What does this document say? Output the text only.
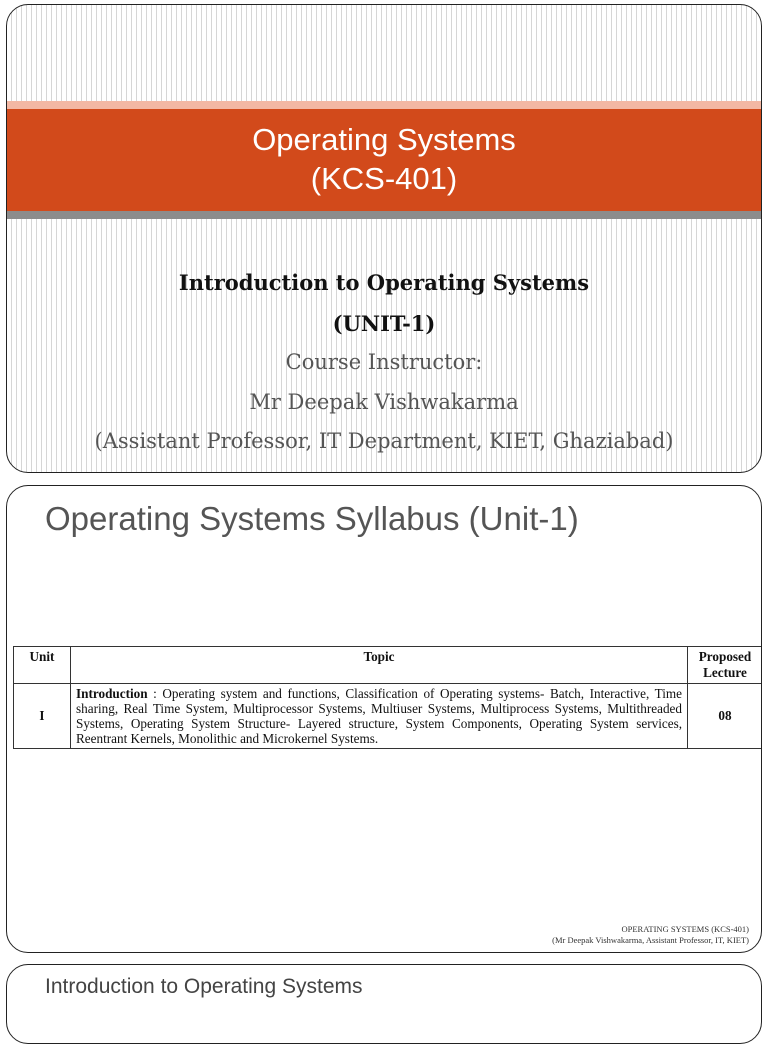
Operating Systems
(KCS-401)
Introduction to Operating Systems
(UNIT-1)
Course Instructor:
Mr Deepak Vishwakarma
(Assistant Professor, IT Department, KIET, Ghaziabad)
Operating Systems Syllabus (Unit-1)
Unit	Topic	Proposed Lecture
I	Introduction : Operating system and functions, Classification of Operating systems- Batch, Interactive, Time sharing, Real Time System, Multiprocessor Systems, Multiuser Systems, Multiprocess Systems, Multithreaded Systems, Operating System Structure- Layered structure, System Components, Operating System services, Reentrant Kernels, Monolithic and Microkernel Systems.	08
OPERATING SYSTEMS (KCS-401)
(Mr Deepak Vishwakarma, Assistant Professor, IT, KIET)
Introduction to Operating Systems
